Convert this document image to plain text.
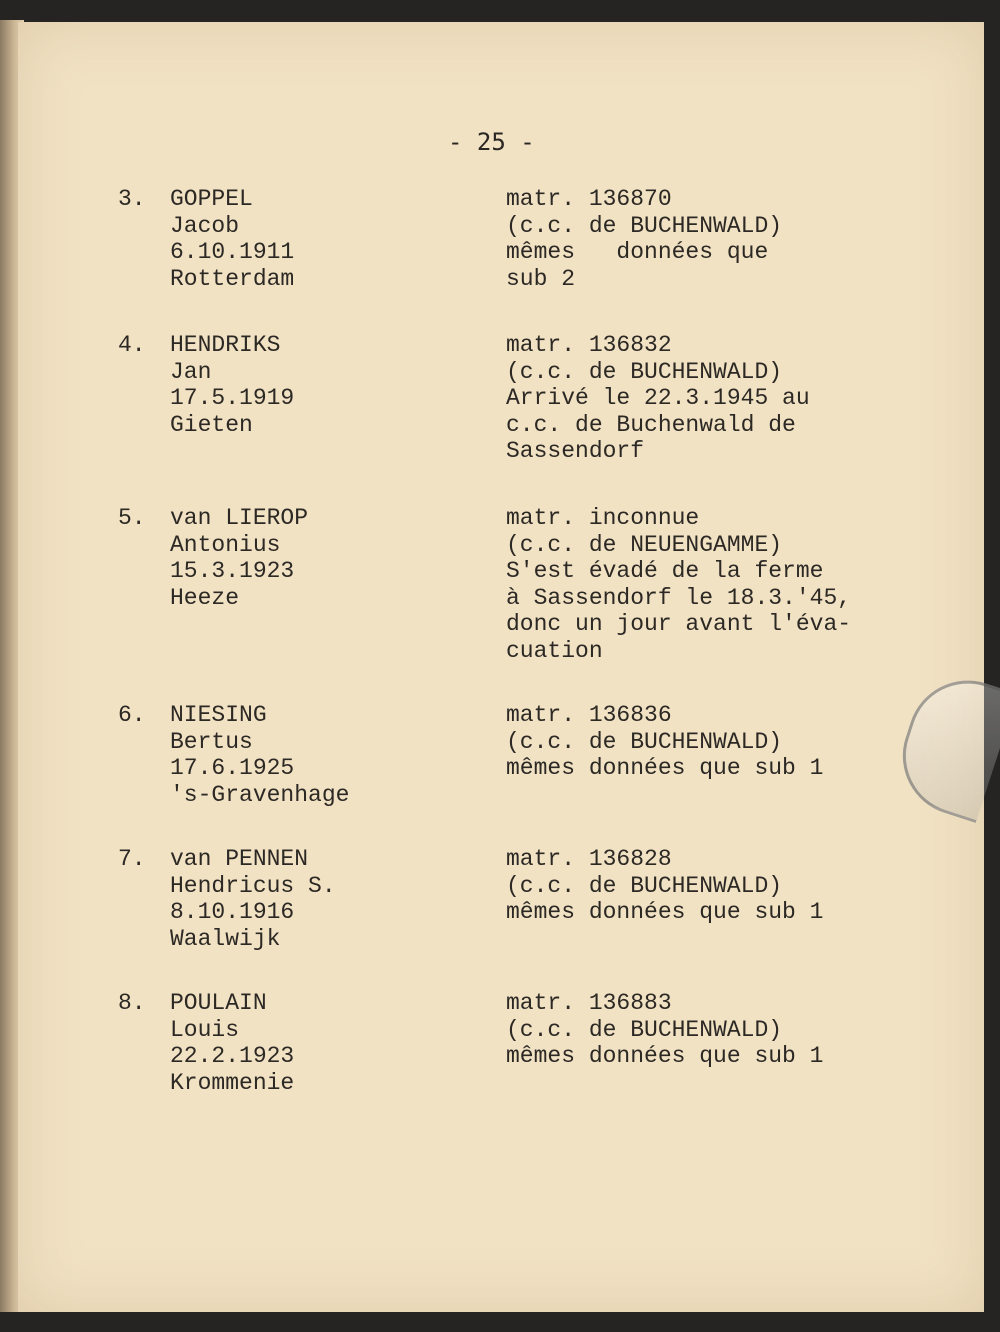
- 25 -
3. GOPPEL
Jacob
6.10.1911
Rotterdam
matr. 136870
(c.c. de BUCHENWALD)
mêmes   données que
sub 2
4. HENDRIKS
Jan
17.5.1919
Gieten
matr. 136832
(c.c. de BUCHENWALD)
Arrivé le 22.3.1945 au
c.c. de Buchenwald de
Sassendorf
5. van LIEROP
Antonius
15.3.1923
Heeze
matr. inconnue
(c.c. de NEUENGAMME)
S'est évadé de la ferme
à Sassendorf le 18.3.'45,
donc un jour avant l'éva-
cuation
6. NIESING
Bertus
17.6.1925
's-Gravenhage
matr. 136836
(c.c. de BUCHENWALD)
mêmes données que sub 1
7. van PENNEN
Hendricus S.
8.10.1916
Waalwijk
matr. 136828
(c.c. de BUCHENWALD)
mêmes données que sub 1
8. POULAIN
Louis
22.2.1923
Krommenie
matr. 136883
(c.c. de BUCHENWALD)
mêmes données que sub 1
